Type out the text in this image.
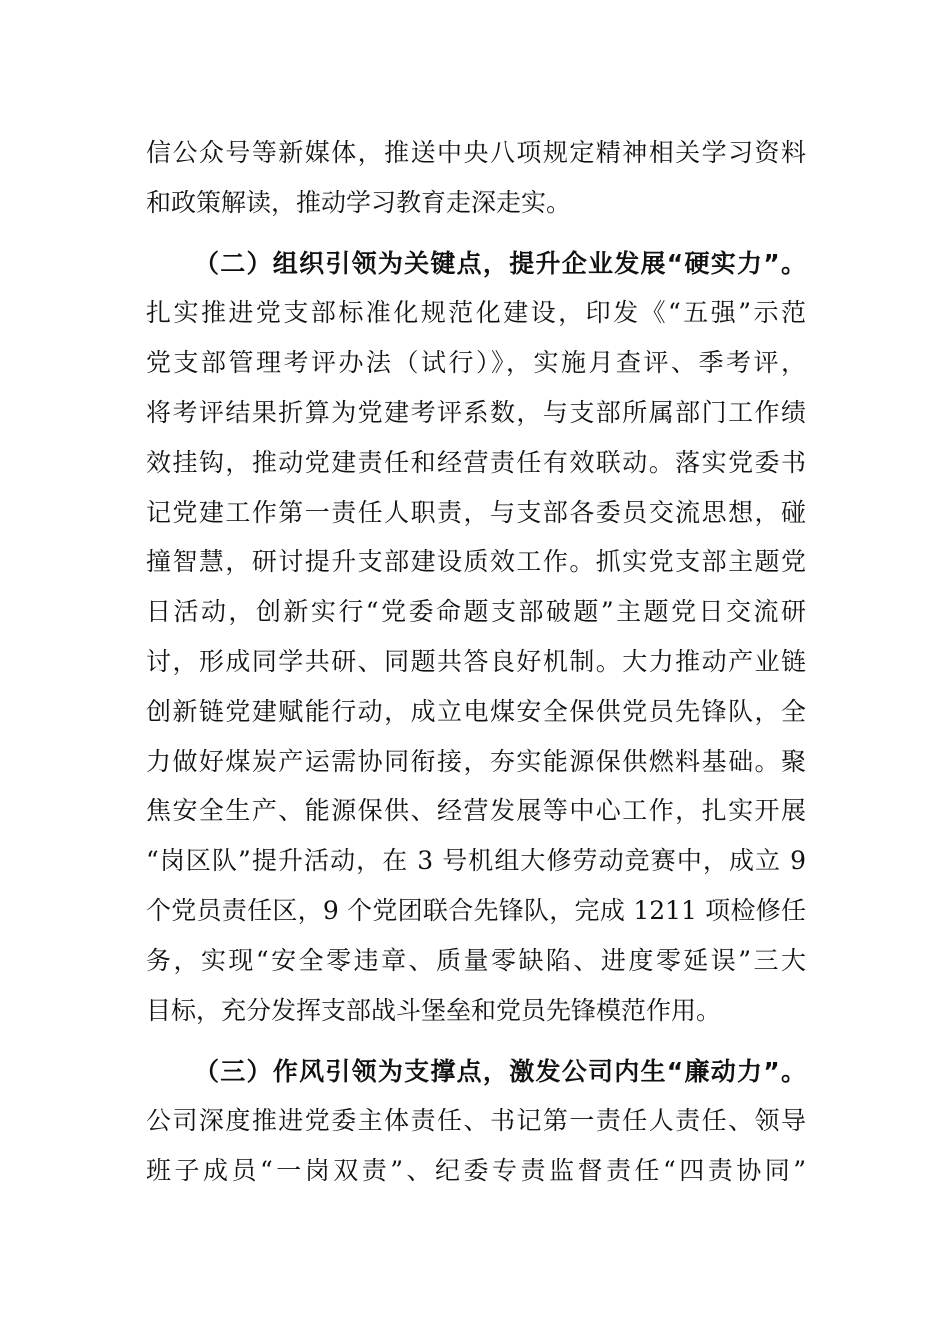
信公众号等新媒体，推送中央八项规定精神相关学习资料
和政策解读，推动学习教育走深走实。
（二）组织引领为关键点，提升企业发展“硬实力”。
扎实推进党支部标准化规范化建设，印发《“五强”示范
党支部管理考评办法（试行）》，实施月查评、季考评，
将考评结果折算为党建考评系数，与支部所属部门工作绩
效挂钩，推动党建责任和经营责任有效联动。落实党委书
记党建工作第一责任人职责，与支部各委员交流思想，碰
撞智慧，研讨提升支部建设质效工作。抓实党支部主题党
日活动，创新实行“党委命题支部破题”主题党日交流研
讨，形成同学共研、同题共答良好机制。大力推动产业链
创新链党建赋能行动，成立电煤安全保供党员先锋队，全
力做好煤炭产运需协同衔接，夯实能源保供燃料基础。聚
焦安全生产、能源保供、经营发展等中心工作，扎实开展
“岗区队”提升活动，在 3 号机组大修劳动竞赛中，成立 9
个党员责任区，9 个党团联合先锋队，完成 1211 项检修任
务，实现“安全零违章、质量零缺陷、进度零延误”三大
目标，充分发挥支部战斗堡垒和党员先锋模范作用。
（三）作风引领为支撑点，激发公司内生“廉动力”。
公司深度推进党委主体责任、书记第一责任人责任、领导
班子成员“一岗双责”、纪委专责监督责任“四责协同”
